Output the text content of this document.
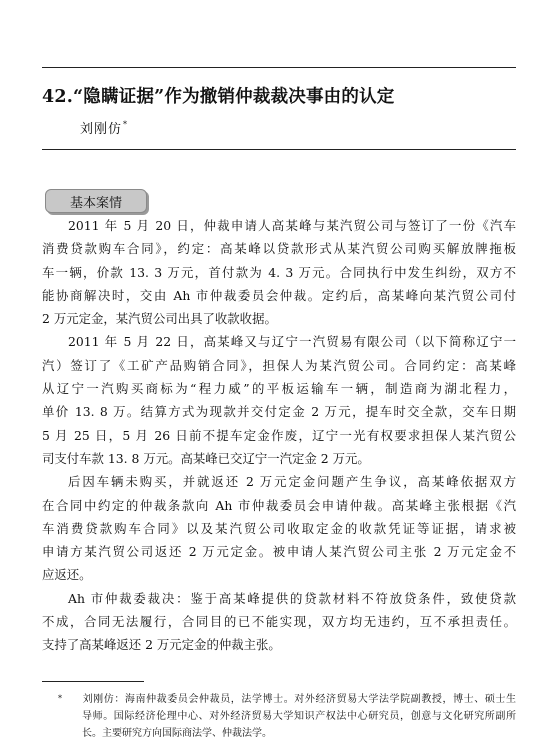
42.“隐瞒证据”作为撤销仲裁裁决事由的认定
刘刚仿*
基本案情
2011 年 5 月 20 日，仲裁申请人高某峰与某汽贸公司与签订了一份《汽车
消费贷款购车合同》，约定：高某峰以贷款形式从某汽贸公司购买解放牌拖板
车一辆，价款 13. 3 万元，首付款为 4. 3 万元。合同执行中发生纠纷，双方不
能协商解决时，交由 Ah 市仲裁委员会仲裁。定约后，高某峰向某汽贸公司付
2 万元定金，某汽贸公司出具了收款收据。
2011 年 5 月 22 日，高某峰又与辽宁一汽贸易有限公司（以下简称辽宁一
汽）签订了《工矿产品购销合同》，担保人为某汽贸公司。合同约定：高某峰
从辽宁一汽购买商标为“程力威”的平板运输车一辆，制造商为湖北程力，
单价 13. 8 万。结算方式为现款并交付定金 2 万元，提车时交全款，交车日期
5 月 25 日，5 月 26 日前不提车定金作废，辽宁一光有权要求担保人某汽贸公
司支付车款 13. 8 万元。高某峰已交辽宁一汽定金 2 万元。
后因车辆未购买，并就返还 2 万元定金问题产生争议，高某峰依据双方
在合同中约定的仲裁条款向 Ah 市仲裁委员会申请仲裁。高某峰主张根据《汽
车消费贷款购车合同》以及某汽贸公司收取定金的收款凭证等证据，请求被
申请方某汽贸公司返还 2 万元定金。被申请人某汽贸公司主张 2 万元定金不
应返还。
Ah 市仲裁委裁决：鉴于高某峰提供的贷款材料不符放贷条件，致使贷款
不成，合同无法履行，合同目的已不能实现，双方均无违约，互不承担责任。
支持了高某峰返还 2 万元定金的仲裁主张。
* 刘刚仿：海南仲裁委员会仲裁员，法学博士。对外经济贸易大学法学院副教授，博士、硕士生
导师。国际经济伦理中心、对外经济贸易大学知识产权法中心研究员，创意与文化研究所副所
长。主要研究方向国际商法学、仲裁法学。
